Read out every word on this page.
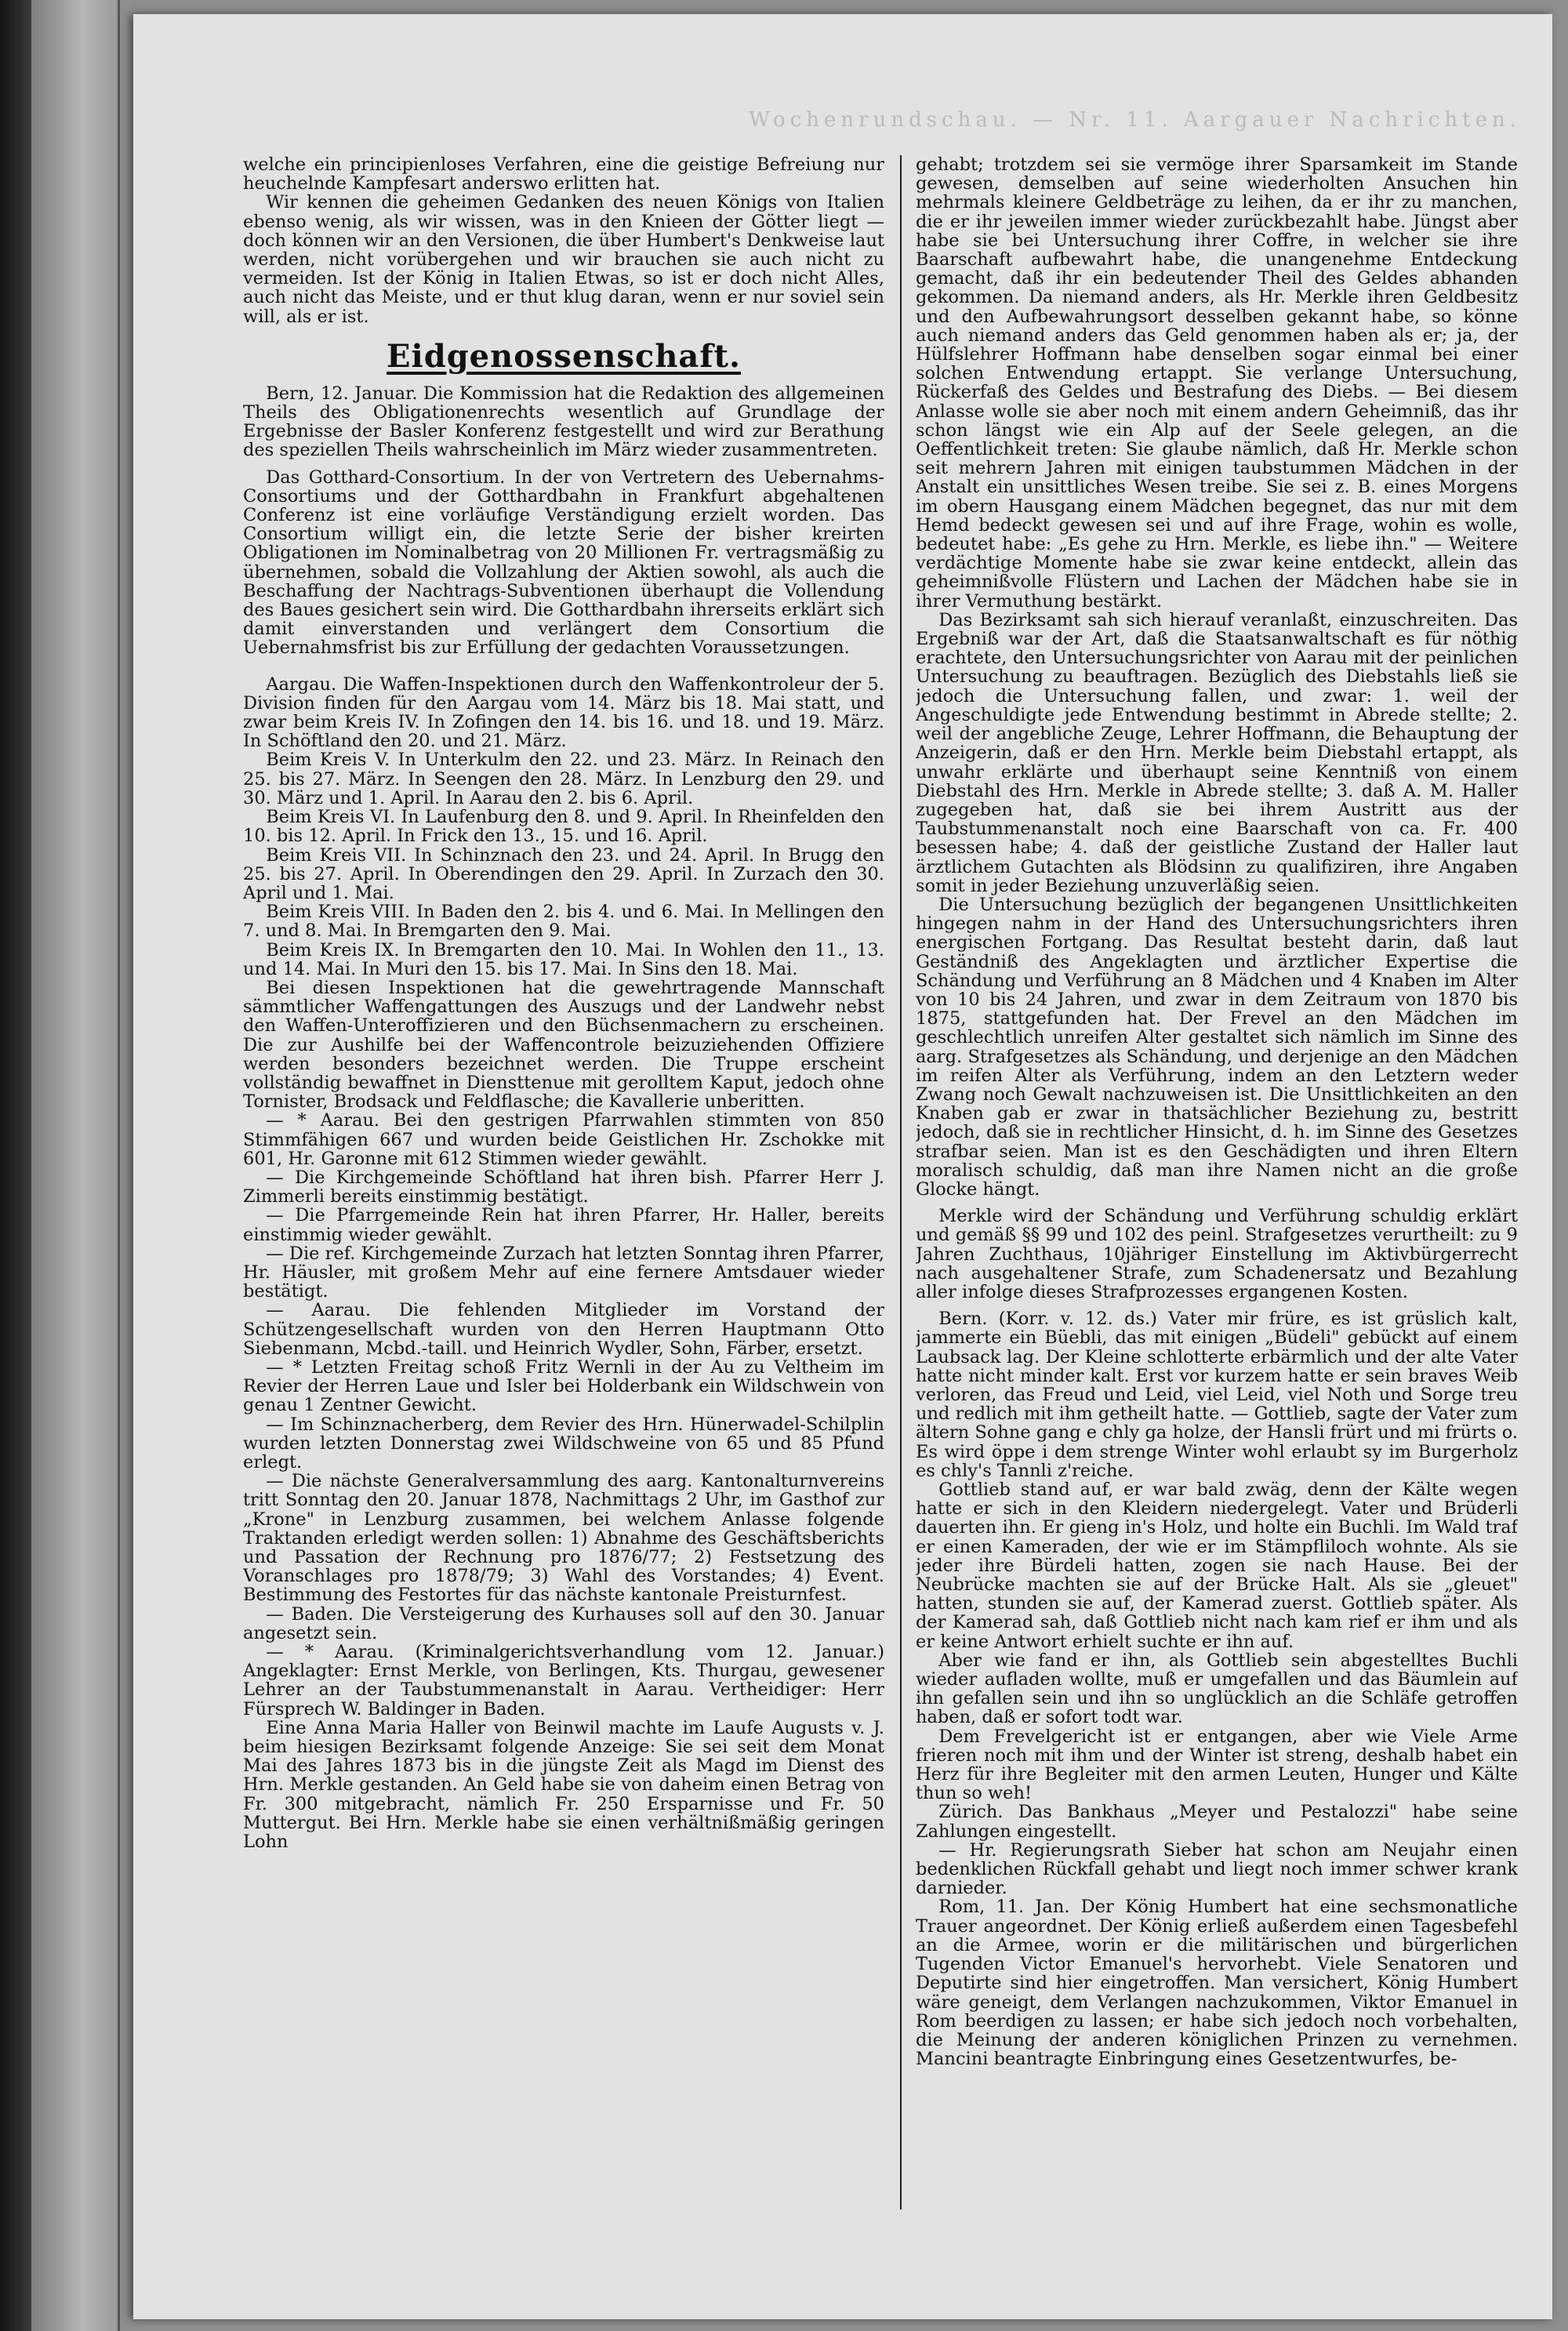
Wochenrundschau. — Nr. 11. Aargauer Nachrichten.

welche ein principienloses Verfahren, eine die geistige Befreiung nur heuchelnde Kampfesart anderswo erlitten hat.

Wir kennen die geheimen Gedanken des neuen Königs von Italien ebenso wenig, als wir wissen, was in den Knieen der Götter liegt — doch können wir an den Versionen, die über Humbert's Denkweise laut werden, nicht vorübergehen und wir brauchen sie auch nicht zu vermeiden. Ist der König in Italien Etwas, so ist er doch nicht Alles, auch nicht das Meiste, und er thut klug daran, wenn er nur soviel sein will, als er ist.

Eidgenossenschaft.

Bern, 12. Januar. Die Kommission hat die Redaktion des allgemeinen Theils des Obligationenrechts wesentlich auf Grundlage der Ergebnisse der Basler Konferenz festgestellt und wird zur Berathung des speziellen Theils wahrscheinlich im März wieder zusammentreten.

Das Gotthard-Consortium. In der von Vertretern des Uebernahms-Consortiums und der Gotthardbahn in Frankfurt abgehaltenen Conferenz ist eine vorläufige Verständigung erzielt worden. Das Consortium willigt ein, die letzte Serie der bisher kreirten Obligationen im Nominalbetrag von 20 Millionen Fr. vertragsmäßig zu übernehmen, sobald die Vollzahlung der Aktien sowohl, als auch die Beschaffung der Nachtrags-Subventionen überhaupt die Vollendung des Baues gesichert sein wird. Die Gotthardbahn ihrerseits erklärt sich damit einverstanden und verlängert dem Consortium die Uebernahmsfrist bis zur Erfüllung der gedachten Voraussetzungen.

Aargau. Die Waffen-Inspektionen durch den Waffenkontroleur der 5. Division finden für den Aargau vom 14. März bis 18. Mai statt, und zwar beim Kreis IV. In Zofingen den 14. bis 16. und 18. und 19. März. In Schöftland den 20. und 21. März.

Beim Kreis V. In Unterkulm den 22. und 23. März. In Reinach den 25. bis 27. März. In Seengen den 28. März. In Lenzburg den 29. und 30. März und 1. April. In Aarau den 2. bis 6. April.

Beim Kreis VI. In Laufenburg den 8. und 9. April. In Rheinfelden den 10. bis 12. April. In Frick den 13., 15. und 16. April.

Beim Kreis VII. In Schinznach den 23. und 24. April. In Brugg den 25. bis 27. April. In Oberendingen den 29. April. In Zurzach den 30. April und 1. Mai.

Beim Kreis VIII. In Baden den 2. bis 4. und 6. Mai. In Mellingen den 7. und 8. Mai. In Bremgarten den 9. Mai.

Beim Kreis IX. In Bremgarten den 10. Mai. In Wohlen den 11., 13. und 14. Mai. In Muri den 15. bis 17. Mai. In Sins den 18. Mai.

Bei diesen Inspektionen hat die gewehrtragende Mannschaft sämmtlicher Waffengattungen des Auszugs und der Landwehr nebst den Waffen-Unteroffizieren und den Büchsenmachern zu erscheinen. Die zur Aushilfe bei der Waffencontrole beizuziehenden Offiziere werden besonders bezeichnet werden. Die Truppe erscheint vollständig bewaffnet in Diensttenue mit gerolltem Kaput, jedoch ohne Tornister, Brodsack und Feldflasche; die Kavallerie unberitten.

— * Aarau. Bei den gestrigen Pfarrwahlen stimmten von 850 Stimmfähigen 667 und wurden beide Geistlichen Hr. Zschokke mit 601, Hr. Garonne mit 612 Stimmen wieder gewählt.

— Die Kirchgemeinde Schöftland hat ihren bish. Pfarrer Herr J. Zimmerli bereits einstimmig bestätigt.

— Die Pfarrgemeinde Rein hat ihren Pfarrer, Hr. Haller, bereits einstimmig wieder gewählt.

— Die ref. Kirchgemeinde Zurzach hat letzten Sonntag ihren Pfarrer, Hr. Häusler, mit großem Mehr auf eine fernere Amtsdauer wieder bestätigt.

— Aarau. Die fehlenden Mitglieder im Vorstand der Schützengesellschaft wurden von den Herren Hauptmann Otto Siebenmann, Mcbd.-taill. und Heinrich Wydler, Sohn, Färber, ersetzt.

— * Letzten Freitag schoß Fritz Wernli in der Au zu Veltheim im Revier der Herren Laue und Isler bei Holderbank ein Wildschwein von genau 1 Zentner Gewicht.

— Im Schinznacherberg, dem Revier des Hrn. Hünerwadel-Schilplin wurden letzten Donnerstag zwei Wildschweine von 65 und 85 Pfund erlegt.

— Die nächste Generalversammlung des aarg. Kantonalturnvereins tritt Sonntag den 20. Januar 1878, Nachmittags 2 Uhr, im Gasthof zur „Krone" in Lenzburg zusammen, bei welchem Anlasse folgende Traktanden erledigt werden sollen: 1) Abnahme des Geschäftsberichts und Passation der Rechnung pro 1876/77; 2) Festsetzung des Voranschlages pro 1878/79; 3) Wahl des Vorstandes; 4) Event. Bestimmung des Festortes für das nächste kantonale Preisturnfest.

— Baden. Die Versteigerung des Kurhauses soll auf den 30. Januar angesetzt sein.

— * Aarau. (Kriminalgerichtsverhandlung vom 12. Januar.) Angeklagter: Ernst Merkle, von Berlingen, Kts. Thurgau, gewesener Lehrer an der Taubstummenanstalt in Aarau. Vertheidiger: Herr Fürsprech W. Baldinger in Baden.

Eine Anna Maria Haller von Beinwil machte im Laufe Augusts v. J. beim hiesigen Bezirksamt folgende Anzeige: Sie sei seit dem Monat Mai des Jahres 1873 bis in die jüngste Zeit als Magd im Dienst des Hrn. Merkle gestanden. An Geld habe sie von daheim einen Betrag von Fr. 300 mitgebracht, nämlich Fr. 250 Ersparnisse und Fr. 50 Muttergut. Bei Hrn. Merkle habe sie einen verhältnißmäßig geringen Lohn

gehabt; trotzdem sei sie vermöge ihrer Sparsamkeit im Stande gewesen, demselben auf seine wiederholten Ansuchen hin mehrmals kleinere Geldbeträge zu leihen, da er ihr zu manchen, die er ihr jeweilen immer wieder zurückbezahlt habe. Jüngst aber habe sie bei Untersuchung ihrer Coffre, in welcher sie ihre Baarschaft aufbewahrt habe, die unangenehme Entdeckung gemacht, daß ihr ein bedeutender Theil des Geldes abhanden gekommen. Da niemand anders, als Hr. Merkle ihren Geldbesitz und den Aufbewahrungsort desselben gekannt habe, so könne auch niemand anders das Geld genommen haben als er; ja, der Hülfslehrer Hoffmann habe denselben sogar einmal bei einer solchen Entwendung ertappt. Sie verlange Untersuchung, Rückerfaß des Geldes und Bestrafung des Diebs. — Bei diesem Anlasse wolle sie aber noch mit einem andern Geheimniß, das ihr schon längst wie ein Alp auf der Seele gelegen, an die Oeffentlichkeit treten: Sie glaube nämlich, daß Hr. Merkle schon seit mehrern Jahren mit einigen taubstummen Mädchen in der Anstalt ein unsittliches Wesen treibe. Sie sei z. B. eines Morgens im obern Hausgang einem Mädchen begegnet, das nur mit dem Hemd bedeckt gewesen sei und auf ihre Frage, wohin es wolle, bedeutet habe: „Es gehe zu Hrn. Merkle, es liebe ihn." — Weitere verdächtige Momente habe sie zwar keine entdeckt, allein das geheimnißvolle Flüstern und Lachen der Mädchen habe sie in ihrer Vermuthung bestärkt.

Das Bezirksamt sah sich hierauf veranlaßt, einzuschreiten. Das Ergebniß war der Art, daß die Staatsanwaltschaft es für nöthig erachtete, den Untersuchungsrichter von Aarau mit der peinlichen Untersuchung zu beauftragen. Bezüglich des Diebstahls ließ sie jedoch die Untersuchung fallen, und zwar: 1. weil der Angeschuldigte jede Entwendung bestimmt in Abrede stellte; 2. weil der angebliche Zeuge, Lehrer Hoffmann, die Behauptung der Anzeigerin, daß er den Hrn. Merkle beim Diebstahl ertappt, als unwahr erklärte und überhaupt seine Kenntniß von einem Diebstahl des Hrn. Merkle in Abrede stellte; 3. daß A. M. Haller zugegeben hat, daß sie bei ihrem Austritt aus der Taubstummenanstalt noch eine Baarschaft von ca. Fr. 400 besessen habe; 4. daß der geistliche Zustand der Haller laut ärztlichem Gutachten als Blödsinn zu qualifiziren, ihre Angaben somit in jeder Beziehung unzuverläßig seien.

Die Untersuchung bezüglich der begangenen Unsittlichkeiten hingegen nahm in der Hand des Untersuchungsrichters ihren energischen Fortgang. Das Resultat besteht darin, daß laut Geständniß des Angeklagten und ärztlicher Expertise die Schändung und Verführung an 8 Mädchen und 4 Knaben im Alter von 10 bis 24 Jahren, und zwar in dem Zeitraum von 1870 bis 1875, stattgefunden hat. Der Frevel an den Mädchen im geschlechtlich unreifen Alter gestaltet sich nämlich im Sinne des aarg. Strafgesetzes als Schändung, und derjenige an den Mädchen im reifen Alter als Verführung, indem an den Letztern weder Zwang noch Gewalt nachzuweisen ist. Die Unsittlichkeiten an den Knaben gab er zwar in thatsächlicher Beziehung zu, bestritt jedoch, daß sie in rechtlicher Hinsicht, d. h. im Sinne des Gesetzes strafbar seien. Man ist es den Geschädigten und ihren Eltern moralisch schuldig, daß man ihre Namen nicht an die große Glocke hängt.

Merkle wird der Schändung und Verführung schuldig erklärt und gemäß §§ 99 und 102 des peinl. Strafgesetzes verurtheilt: zu 9 Jahren Zuchthaus, 10jähriger Einstellung im Aktivbürgerrecht nach ausgehaltener Strafe, zum Schadenersatz und Bezahlung aller infolge dieses Strafprozesses ergangenen Kosten.

Bern. (Korr. v. 12. ds.) Vater mir früre, es ist grüslich kalt, jammerte ein Büebli, das mit einigen „Büdeli" gebückt auf einem Laubsack lag. Der Kleine schlotterte erbärmlich und der alte Vater hatte nicht minder kalt. Erst vor kurzem hatte er sein braves Weib verloren, das Freud und Leid, viel Leid, viel Noth und Sorge treu und redlich mit ihm getheilt hatte. — Gottlieb, sagte der Vater zum ältern Sohne gang e chly ga holze, der Hansli frürt und mi frürts o. Es wird öppe i dem strenge Winter wohl erlaubt sy im Burgerholz es chly's Tannli z'reiche.

Gottlieb stand auf, er war bald zwäg, denn der Kälte wegen hatte er sich in den Kleidern niedergelegt. Vater und Brüderli dauerten ihn. Er gieng in's Holz, und holte ein Buchli. Im Wald traf er einen Kameraden, der wie er im Stämpfliloch wohnte. Als sie jeder ihre Bürdeli hatten, zogen sie nach Hause. Bei der Neubrücke machten sie auf der Brücke Halt. Als sie „gleuet" hatten, stunden sie auf, der Kamerad zuerst. Gottlieb später. Als der Kamerad sah, daß Gottlieb nicht nach kam rief er ihm und als er keine Antwort erhielt suchte er ihn auf.

Aber wie fand er ihn, als Gottlieb sein abgestelltes Buchli wieder aufladen wollte, muß er umgefallen und das Bäumlein auf ihn gefallen sein und ihn so unglücklich an die Schläfe getroffen haben, daß er sofort todt war.

Dem Frevelgericht ist er entgangen, aber wie Viele Arme frieren noch mit ihm und der Winter ist streng, deshalb habet ein Herz für ihre Begleiter mit den armen Leuten, Hunger und Kälte thun so weh!

Zürich. Das Bankhaus „Meyer und Pestalozzi" habe seine Zahlungen eingestellt.

— Hr. Regierungsrath Sieber hat schon am Neujahr einen bedenklichen Rückfall gehabt und liegt noch immer schwer krank darnieder.

Rom, 11. Jan. Der König Humbert hat eine sechsmonatliche Trauer angeordnet. Der König erließ außerdem einen Tagesbefehl an die Armee, worin er die militärischen und bürgerlichen Tugenden Victor Emanuel's hervorhebt. Viele Senatoren und Deputirte sind hier eingetroffen. Man versichert, König Humbert wäre geneigt, dem Verlangen nachzukommen, Viktor Emanuel in Rom beerdigen zu lassen; er habe sich jedoch noch vorbehalten, die Meinung der anderen königlichen Prinzen zu vernehmen. Mancini beantragte Einbringung eines Gesetzentwurfes, be-
